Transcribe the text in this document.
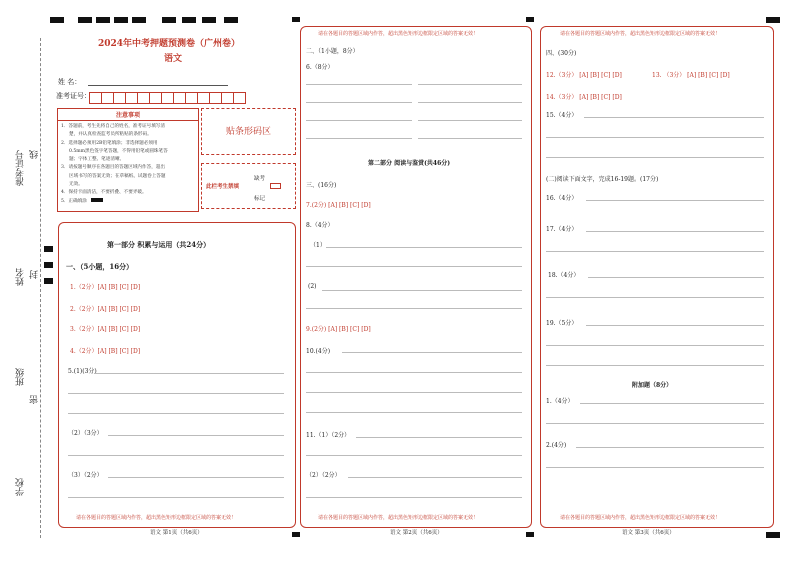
准考证号 线
姓名 封
班级
密
学校
2024年中考押题预测卷（广州卷）
语文
姓 名：
准考证号：
注意事项
1．答题前，考生先将自己的姓名，准考证号填写清
楚，并认真检查监考员所粘贴的条形码。
2．选择题必须用2B铅笔填涂；非选择题必须用
0.5mm黑色签字笔答题，不得用铅笔或圆珠笔答
题；字体工整、笔迹清晰。
3．请按题号顺序在各题目的答题区域内作答，超出
区域书写的答案无效；在草稿纸、试题卷上答题
无效。
4．保持卡面清洁，不要折叠、不要弄破。
5．正确填涂
贴条形码区
此栏考生禁填
缺考
标记
第一部分 积累与运用（共24分）
一、（5小题，16分）
1.（2分）[A] [B] [C] [D]
2.（2分）[A] [B] [C] [D]
3.（2分）[A] [B] [C] [D]
4.（2分）[A] [B] [C] [D]
5.(1)(3分)
（2）（3分）
（3）（2分）
请在各题目的答题区域内作答，超出黑色矩形边框限定区域的答案无效！
语文 第1页（共6页）
请在各题目的答题区域内作答，超出黑色矩形边框限定区域的答案无效！
二、（1小题，8分）
6.（8分）
第二部分 阅读与鉴赏(共46分)
三、(16分)
7.(2分) [A] [B] [C] [D]
8.（4分）
（1）
(2)
9.(2分) [A] [B] [C] [D]
10.(4分)
11.（1）（2分）
（2）（2分）
请在各题目的答题区域内作答，超出黑色矩形边框限定区域的答案无效！
语文 第2页（共6页）
请在各题目的答题区域内作答，超出黑色矩形边框限定区域的答案无效！
四、(30分)
12.（3分） [A] [B] [C] [D]	13. （3分） [A] [B] [C] [D]
14.（3分） [A] [B] [C] [D]
15.（4分）
(二)阅读下面文字，完成16-19题。(17分)
16.（4分）
17.（4分）
18.（4分）
19.（5分）
附加题（8分）
1.（4分）
2.(4分)
请在各题目的答题区域内作答，超出黑色矩形边框限定区域的答案无效！
语文 第3页（共6页）
